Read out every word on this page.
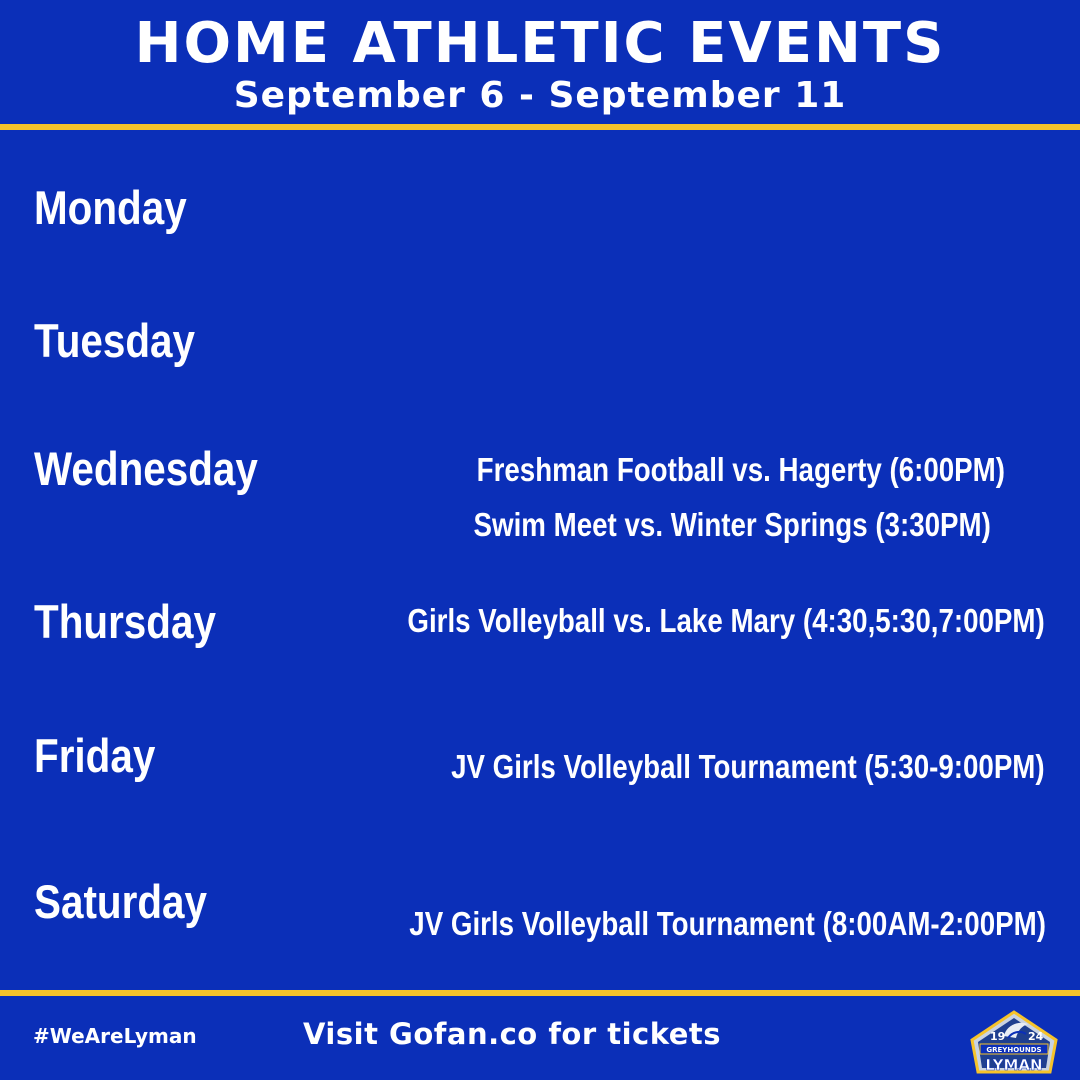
HOME ATHLETIC EVENTS
September 6 - September 11
Monday
Tuesday
Wednesday
Thursday
Friday
Saturday
Freshman Football vs. Hagerty (6:00PM)
Swim Meet vs. Winter Springs (3:30PM)
Girls Volleyball vs. Lake Mary (4:30,5:30,7:00PM)
JV Girls Volleyball Tournament (5:30-9:00PM)
JV Girls Volleyball Tournament (8:00AM-2:00PM)
#WeAreLyman	Visit Gofan.co for tickets	19 24
GREYHOUNDS
LYMAN
